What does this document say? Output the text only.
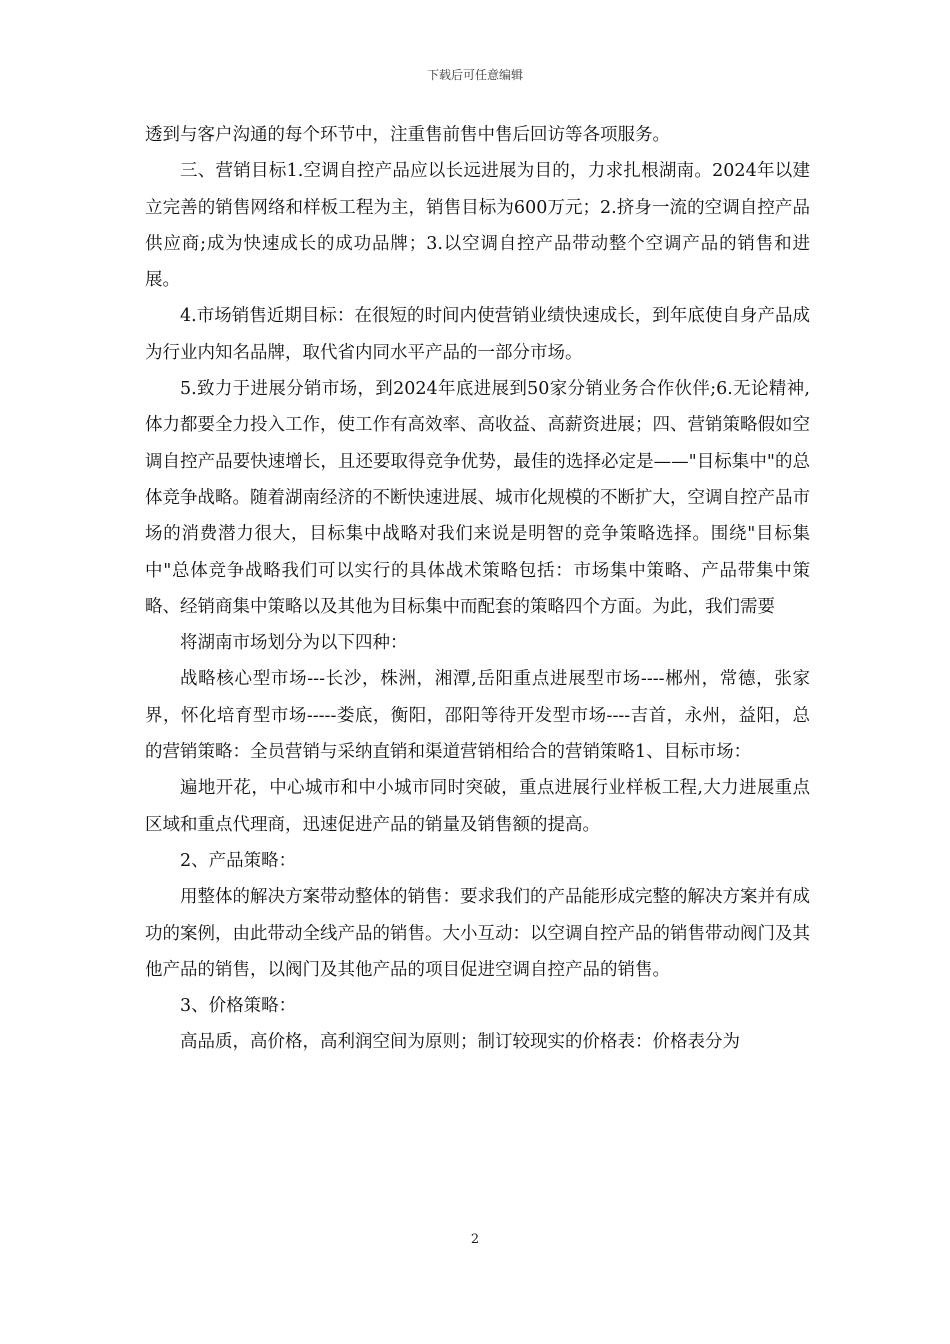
下载后可任意编辑

透到与客户沟通的每个环节中，注重售前售中售后回访等各项服务。

三、营销目标1.空调自控产品应以长远进展为目的，力求扎根湖南。2024年以建立完善的销售网络和样板工程为主，销售目标为600万元；2.挤身一流的空调自控产品供应商;成为快速成长的成功品牌；3.以空调自控产品带动整个空调产品的销售和进展。

4.市场销售近期目标：在很短的时间内使营销业绩快速成长，到年底使自身产品成为行业内知名品牌，取代省内同水平产品的一部分市场。

5.致力于进展分销市场，到2024年底进展到50家分销业务合作伙伴;6.无论精神,体力都要全力投入工作，使工作有高效率、高收益、高薪资进展；四、营销策略假如空调自控产品要快速增长，且还要取得竞争优势，最佳的选择必定是——"目标集中"的总体竞争战略。随着湖南经济的不断快速进展、城市化规模的不断扩大，空调自控产品市场的消费潜力很大，目标集中战略对我们来说是明智的竞争策略选择。围绕"目标集中"总体竞争战略我们可以实行的具体战术策略包括：市场集中策略、产品带集中策略、经销商集中策略以及其他为目标集中而配套的策略四个方面。为此，我们需要

将湖南市场划分为以下四种：

战略核心型市场---长沙，株洲，湘潭,岳阳重点进展型市场----郴州，常德，张家界，怀化培育型市场-----娄底，衡阳，邵阳等待开发型市场----吉首，永州，益阳，总的营销策略：全员营销与采纳直销和渠道营销相给合的营销策略1、目标市场：

遍地开花，中心城市和中小城市同时突破，重点进展行业样板工程,大力进展重点区域和重点代理商，迅速促进产品的销量及销售额的提高。

2、产品策略：

用整体的解决方案带动整体的销售：要求我们的产品能形成完整的解决方案并有成功的案例，由此带动全线产品的销售。大小互动：以空调自控产品的销售带动阀门及其他产品的销售，以阀门及其他产品的项目促进空调自控产品的销售。

3、价格策略：

高品质，高价格，高利润空间为原则；制订较现实的价格表：价格表分为

2
